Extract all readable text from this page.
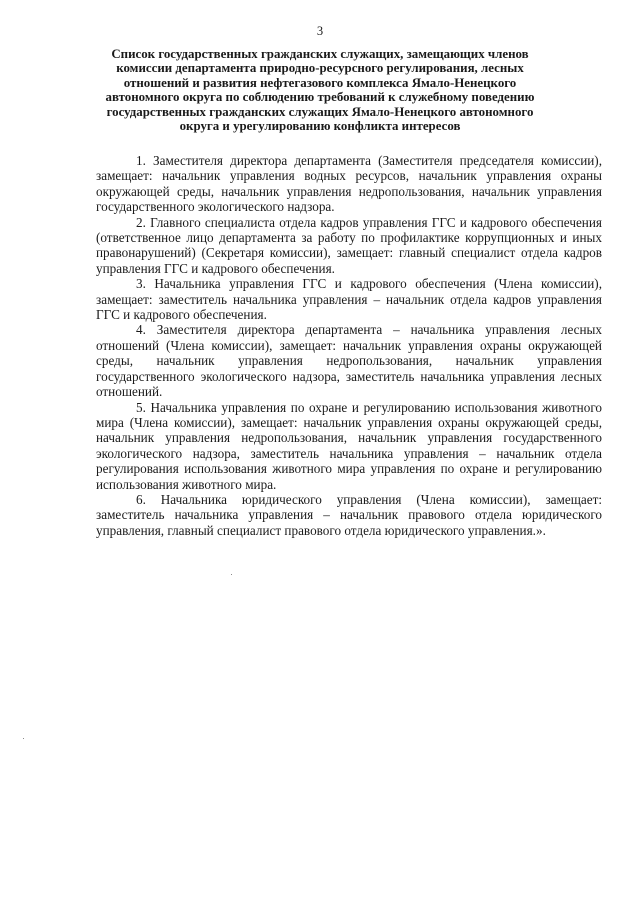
3
Список государственных гражданских служащих, замещающих членов комиссии департамента природно-ресурсного регулирования, лесных отношений и развития нефтегазового комплекса Ямало-Ненецкого автономного округа по соблюдению требований к служебному поведению государственных гражданских служащих Ямало-Ненецкого автономного округа и урегулированию конфликта интересов

1. Заместителя директора департамента (Заместителя председателя комиссии), замещает: начальник управления водных ресурсов, начальник управления охраны окружающей среды, начальник управления недропользования, начальник управления государственного экологического надзора.

2. Главного специалиста отдела кадров управления ГГС и кадрового обеспечения (ответственное лицо департамента за работу по профилактике коррупционных и иных правонарушений) (Секретаря комиссии), замещает: главный специалист отдела кадров управления ГГС и кадрового обеспечения.

3. Начальника управления ГГС и кадрового обеспечения (Члена комиссии), замещает: заместитель начальника управления – начальник отдела кадров управления ГГС и кадрового обеспечения.

4. Заместителя директора департамента – начальника управления лесных отношений (Члена комиссии), замещает: начальник управления охраны окружающей среды, начальник управления недропользования, начальник управления государственного экологического надзора, заместитель начальника управления лесных отношений.

5. Начальника управления по охране и регулированию использования животного мира (Члена комиссии), замещает: начальник управления охраны окружающей среды, начальник управления недропользования, начальник управления государственного экологического надзора, заместитель начальника управления – начальник отдела регулирования использования животного мира управления по охране и регулированию использования животного мира.

6. Начальника юридического управления (Члена комиссии), замещает: заместитель начальника управления – начальник правового отдела юридического управления, главный специалист правового отдела юридического управления.».
